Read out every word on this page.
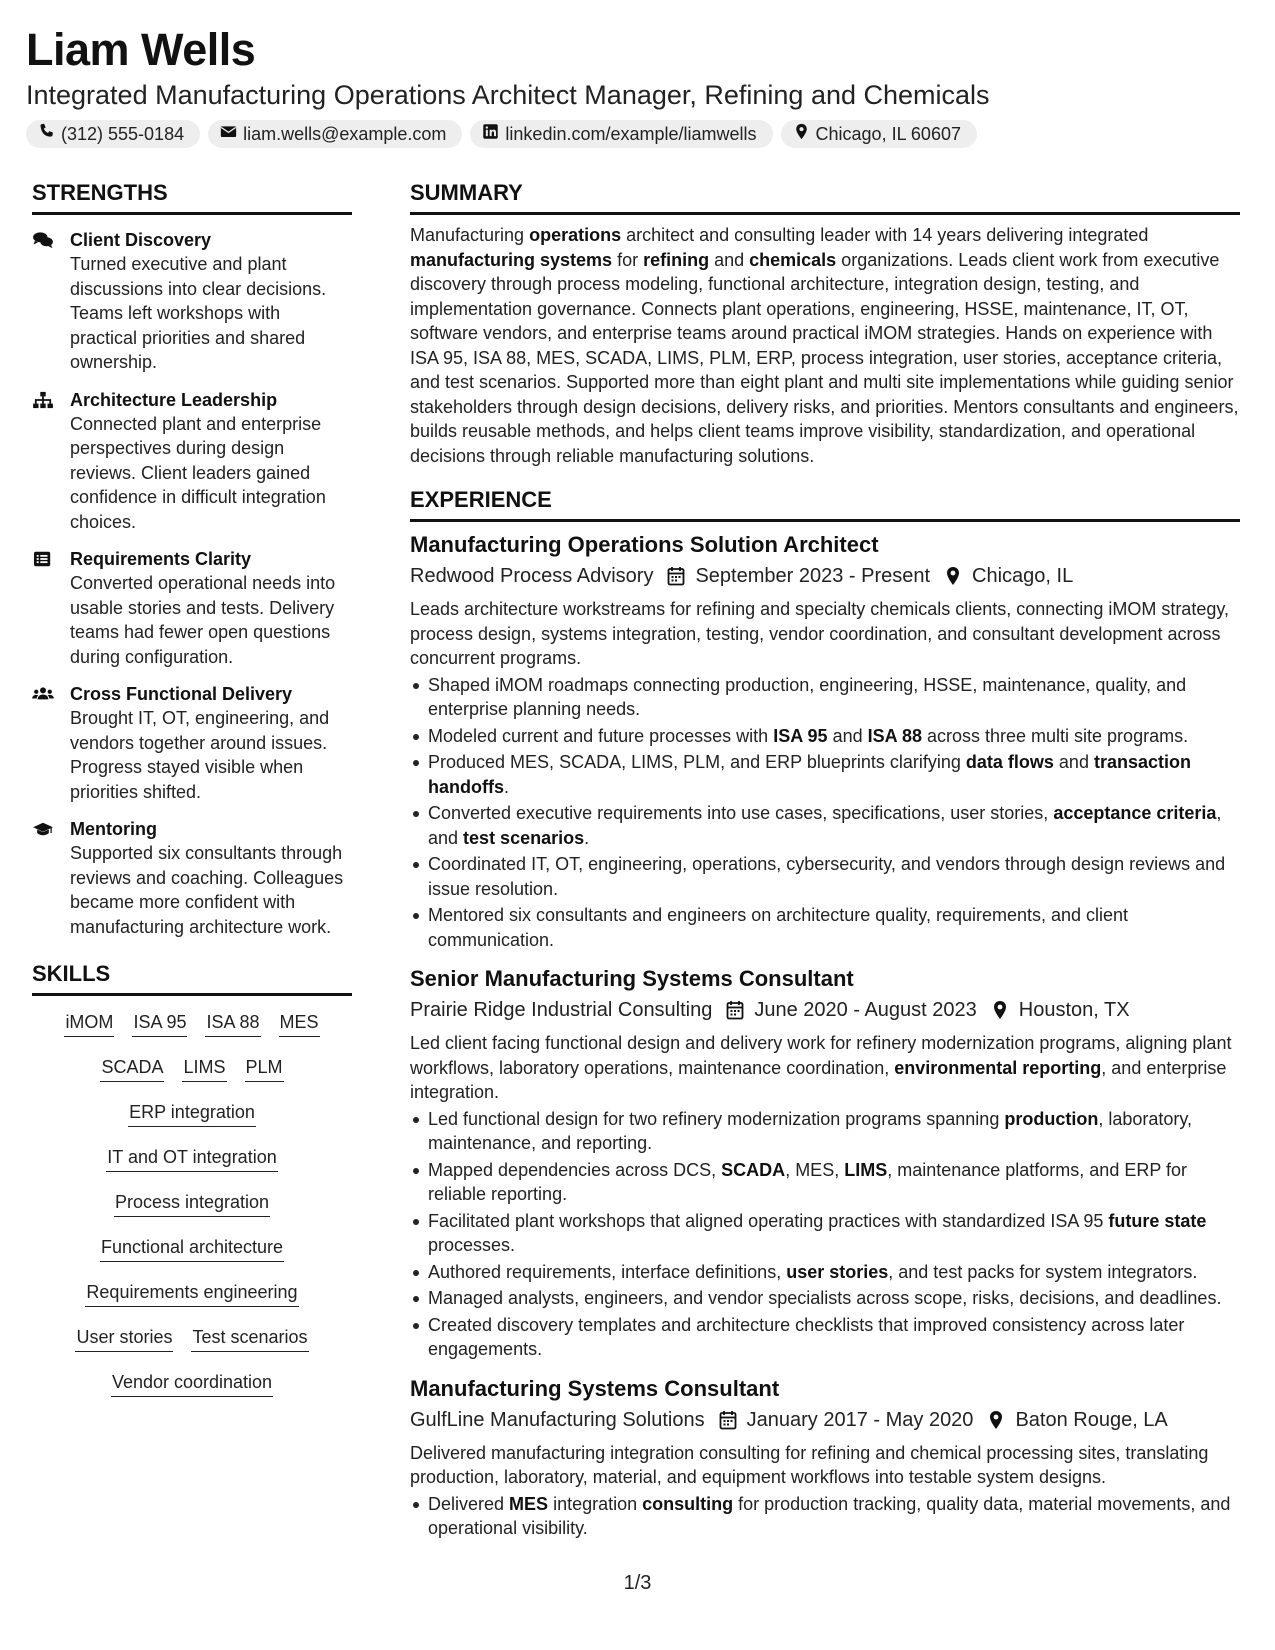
Liam Wells
Integrated Manufacturing Operations Architect Manager, Refining and Chemicals
(312) 555-0184	liam.wells@example.com	linkedin.com/example/liamwells	Chicago, IL 60607
STRENGTHS
Client Discovery
Turned executive and plant discussions into clear decisions. Teams left workshops with practical priorities and shared ownership.
Architecture Leadership
Connected plant and enterprise perspectives during design reviews. Client leaders gained confidence in difficult integration choices.
Requirements Clarity
Converted operational needs into usable stories and tests. Delivery teams had fewer open questions during configuration.
Cross Functional Delivery
Brought IT, OT, engineering, and vendors together around issues. Progress stayed visible when priorities shifted.
Mentoring
Supported six consultants through reviews and coaching. Colleagues became more confident with manufacturing architecture work.
SKILLS
iMOM ISA 95 ISA 88 MES
SCADA LIMS PLM
ERP integration
IT and OT integration
Process integration
Functional architecture
Requirements engineering
User stories Test scenarios
Vendor coordination
SUMMARY
Manufacturing operations architect and consulting leader with 14 years delivering integrated manufacturing systems for refining and chemicals organizations. Leads client work from executive discovery through process modeling, functional architecture, integration design, testing, and implementation governance. Connects plant operations, engineering, HSSE, maintenance, IT, OT, software vendors, and enterprise teams around practical iMOM strategies. Hands on experience with ISA 95, ISA 88, MES, SCADA, LIMS, PLM, ERP, process integration, user stories, acceptance criteria, and test scenarios. Supported more than eight plant and multi site implementations while guiding senior stakeholders through design decisions, delivery risks, and priorities. Mentors consultants and engineers, builds reusable methods, and helps client teams improve visibility, standardization, and operational decisions through reliable manufacturing solutions.
EXPERIENCE
Manufacturing Operations Solution Architect
Redwood Process Advisory September 2023 - Present Chicago, IL
Leads architecture workstreams for refining and specialty chemicals clients, connecting iMOM strategy, process design, systems integration, testing, vendor coordination, and consultant development across concurrent programs.
Shaped iMOM roadmaps connecting production, engineering, HSSE, maintenance, quality, and enterprise planning needs.
Modeled current and future processes with ISA 95 and ISA 88 across three multi site programs.
Produced MES, SCADA, LIMS, PLM, and ERP blueprints clarifying data flows and transaction handoffs.
Converted executive requirements into use cases, specifications, user stories, acceptance criteria, and test scenarios.
Coordinated IT, OT, engineering, operations, cybersecurity, and vendors through design reviews and issue resolution.
Mentored six consultants and engineers on architecture quality, requirements, and client communication.
Senior Manufacturing Systems Consultant
Prairie Ridge Industrial Consulting June 2020 - August 2023 Houston, TX
Led client facing functional design and delivery work for refinery modernization programs, aligning plant workflows, laboratory operations, maintenance coordination, environmental reporting, and enterprise integration.
Led functional design for two refinery modernization programs spanning production, laboratory, maintenance, and reporting.
Mapped dependencies across DCS, SCADA, MES, LIMS, maintenance platforms, and ERP for reliable reporting.
Facilitated plant workshops that aligned operating practices with standardized ISA 95 future state processes.
Authored requirements, interface definitions, user stories, and test packs for system integrators.
Managed analysts, engineers, and vendor specialists across scope, risks, decisions, and deadlines.
Created discovery templates and architecture checklists that improved consistency across later engagements.
Manufacturing Systems Consultant
GulfLine Manufacturing Solutions January 2017 - May 2020 Baton Rouge, LA
Delivered manufacturing integration consulting for refining and chemical processing sites, translating production, laboratory, material, and equipment workflows into testable system designs.
Delivered MES integration consulting for production tracking, quality data, material movements, and operational visibility.
1/3
